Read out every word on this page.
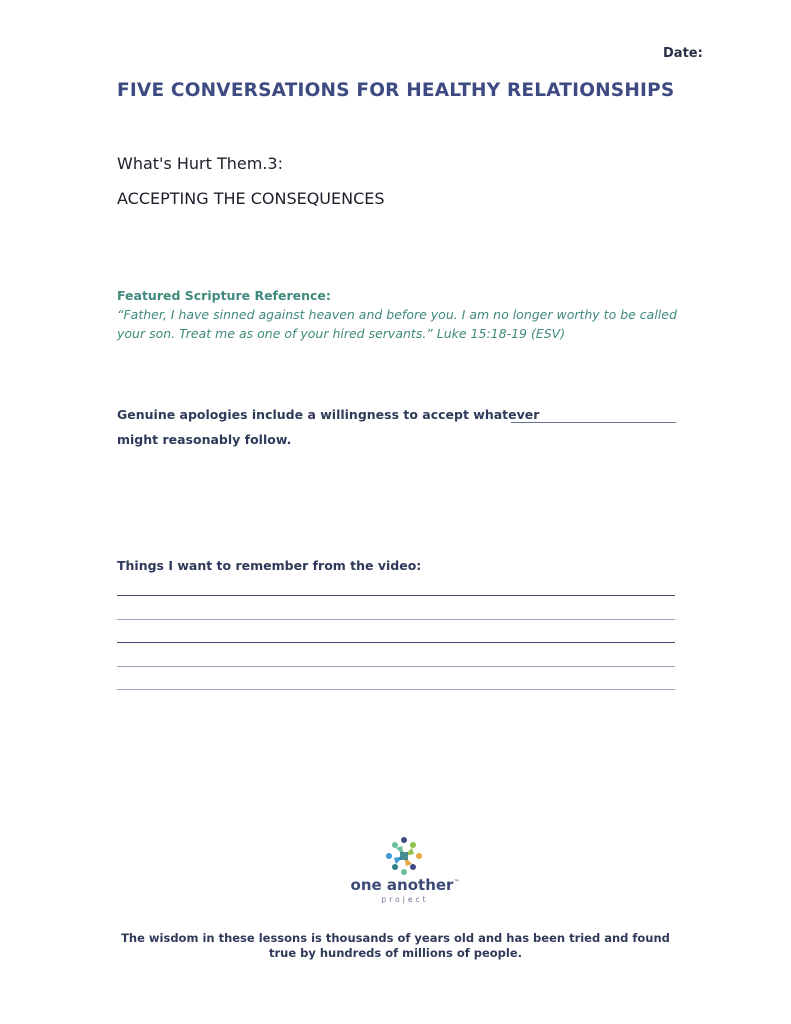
Date:
FIVE CONVERSATIONS FOR HEALTHY RELATIONSHIPS
What's Hurt Them.3:
ACCEPTING THE CONSEQUENCES
Featured Scripture Reference:
“Father, I have sinned against heaven and before you. I am no longer worthy to be called your son. Treat me as one of your hired servants.” Luke 15:18-19 (ESV)
Genuine apologies include a willingness to accept whatever
might reasonably follow.
Things I want to remember from the video:
one another™
project
The wisdom in these lessons is thousands of years old and has been tried and found true by hundreds of millions of people.
